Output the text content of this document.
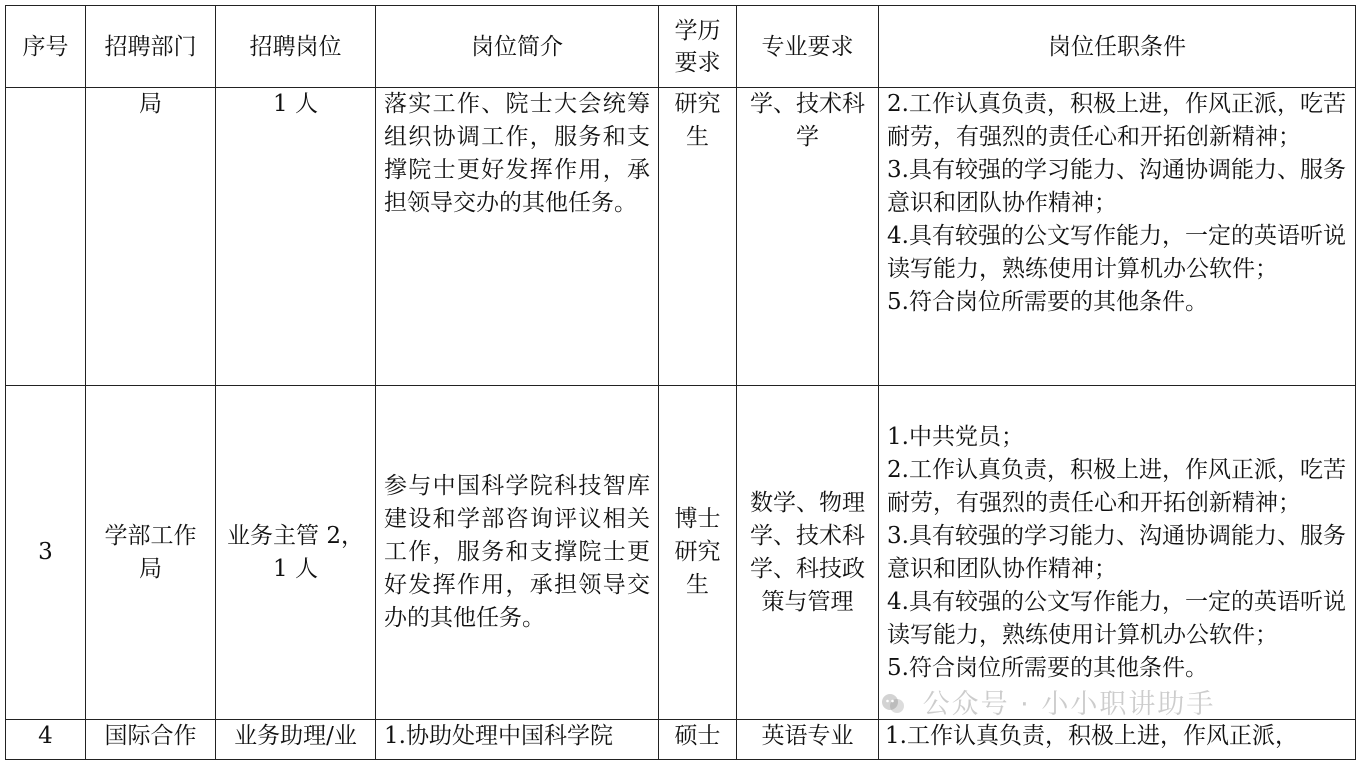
序号	招聘部门	招聘岗位	岗位简介	学历要求	专业要求	岗位任职条件
	局	1 人	落实工作、院士大会统筹组织协调工作，服务和支撑院士更好发挥作用，承担领导交办的其他任务。	研究生	学、技术科学	2.工作认真负责，积极上进，作风正派，吃苦耐劳，有强烈的责任心和开拓创新精神；
3.具有较强的学习能力、沟通协调能力、服务意识和团队协作精神；
4.具有较强的公文写作能力，一定的英语听说读写能力，熟练使用计算机办公软件；
5.符合岗位所需要的其他条件。

3	学部工作局	业务主管 2，1 人	参与中国科学院科技智库建设和学部咨询评议相关工作，服务和支撑院士更好发挥作用，承担领导交办的其他任务。	博士研究生	数学、物理学、技术科学、科技政策与管理	1.中共党员；
2.工作认真负责，积极上进，作风正派，吃苦耐劳，有强烈的责任心和开拓创新精神；
3.具有较强的学习能力、沟通协调能力、服务意识和团队协作精神；
4.具有较强的公文写作能力，一定的英语听说读写能力，熟练使用计算机办公软件；
5.符合岗位所需要的其他条件。

4	国际合作	业务助理/业	1.协助处理中国科学院	硕士	英语专业	1.工作认真负责，积极上进，作风正派，
公众号 · 小小职讲助手
